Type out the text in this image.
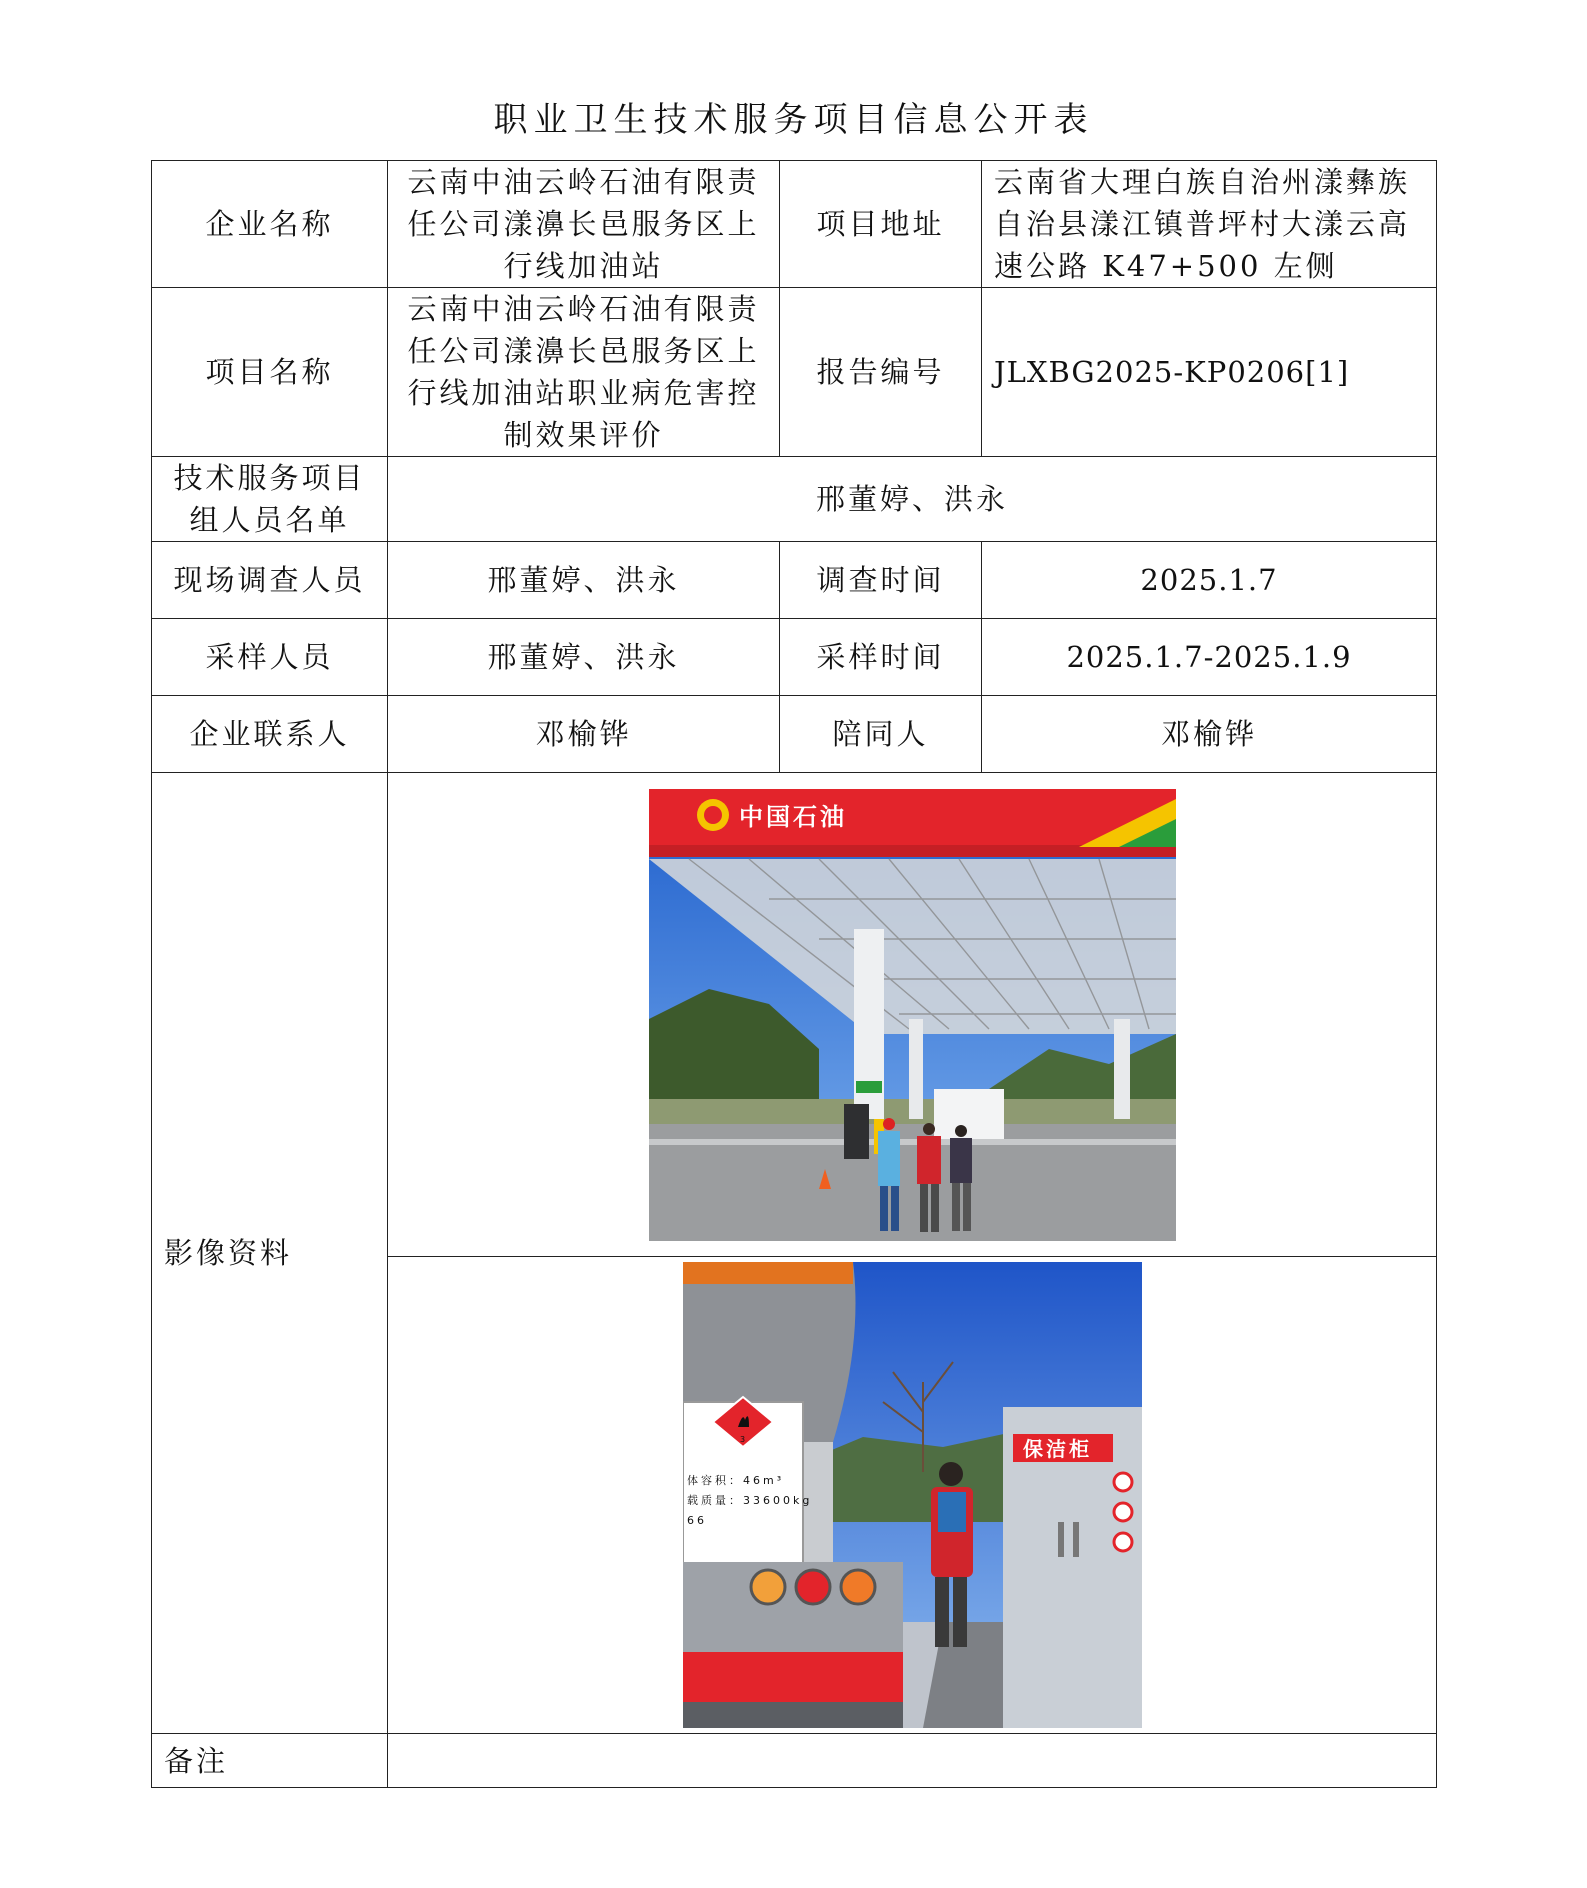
职业卫生技术服务项目信息公开表
企业名称	云南中油云岭石油有限责任公司漾濞长邑服务区上行线加油站	项目地址	云南省大理白族自治州漾彝族自治县漾江镇普坪村大漾云高速公路 K47+500 左侧
项目名称	云南中油云岭石油有限责任公司漾濞长邑服务区上行线加油站职业病危害控制效果评价	报告编号	JLXBG2025-KP0206[1]
技术服务项目组人员名单	邢董婷、洪永		
现场调查人员	邢董婷、洪永	调查时间	2025.1.7
采样人员	邢董婷、洪永	采样时间	2025.1.7-2025.1.9
企业联系人	邓榆铧	陪同人	邓榆铧
影像资料	中国石油		

3
体容积：46m³
载质量：33600kg
66
保洁柜		

备注			
